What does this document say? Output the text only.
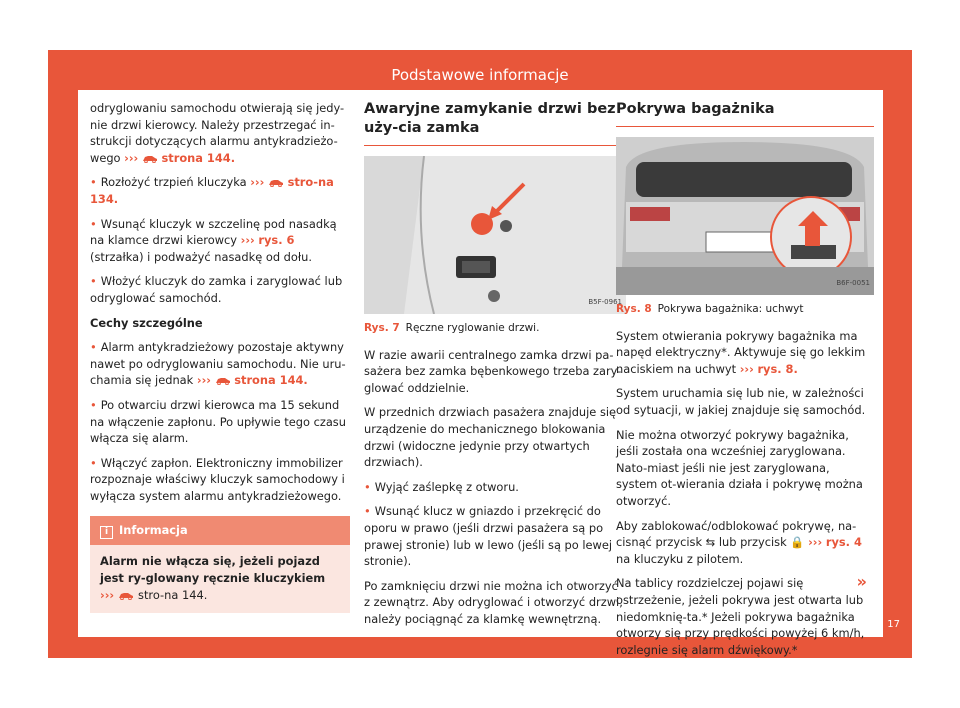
Podstawowe informacje

odryglowaniu samochodu otwierają się jedy-nie drzwi kierowcy. Należy przestrzegać in-strukcji dotyczących alarmu antykradzieżo-wego ››› strona 144.

• Rozłożyć trzpień kluczyka ››› stro-na 134.

• Wsunąć kluczyk w szczelinę pod nasadką na klamce drzwi kierowcy ››› rys. 6 (strzałka) i podważyć nasadkę od dołu.

• Włożyć kluczyk do zamka i zaryglować lub odryglować samochód.

Cechy szczególne

• Alarm antykradzieżowy pozostaje aktywny nawet po odryglowaniu samochodu. Nie uru-chamia się jednak ››› strona 144.

• Po otwarciu drzwi kierowca ma 15 sekund na włączenie zapłonu. Po upływie tego czasu włącza się alarm.

• Włączyć zapłon. Elektroniczny immobilizer rozpoznaje właściwy kluczyk samochodowy i wyłącza system alarmu antykradzieżowego.

i Informacja
Alarm nie włącza się, jeżeli pojazd jest ry-glowany ręcznie kluczykiem ››› stro-na 144.
Awaryjne zamykanie drzwi bez uży-cia zamka
B5F-0961
Rys. 7 Ręczne ryglowanie drzwi.

W razie awarii centralnego zamka drzwi pa-sażera bez zamka bębenkowego trzeba zary-glować oddzielnie.

W przednich drzwiach pasażera znajduje się urządzenie do mechanicznego blokowania drzwi (widoczne jedynie przy otwartych drzwiach).

• Wyjąć zaślepkę z otworu.

• Wsunąć klucz w gniazdo i przekręcić do oporu w prawo (jeśli drzwi pasażera są po prawej stronie) lub w lewo (jeśli są po lewej stronie).

Po zamknięciu drzwi nie można ich otworzyć z zewnątrz. Aby odryglować i otworzyć drzwi, należy pociągnąć za klamkę wewnętrzną.

Pokrywa bagażnika
B6F-0051
Rys. 8 Pokrywa bagażnika: uchwyt

System otwierania pokrywy bagażnika ma napęd elektryczny*. Aktywuje się go lekkim naciskiem na uchwyt ››› rys. 8.

System uruchamia się lub nie, w zależności od sytuacji, w jakiej znajduje się samochód.

Nie można otworzyć pokrywy bagażnika, jeśli została ona wcześniej zaryglowana. Nato-miast jeśli nie jest zaryglowana, system ot-wierania działa i pokrywę można otworzyć.

Aby zablokować/odblokować pokrywę, na-cisnąć przycisk ⇆ lub przycisk 🔒 ››› rys. 4 na kluczyku z pilotem.

Na tablicy rozdzielczej pojawi się ostrzeżenie, jeżeli pokrywa jest otwarta lub niedomknię-ta.* Jeżeli pokrywa bagażnika otworzy się przy prędkości powyżej 6 km/h, rozlegnie się alarm dźwiękowy.*

»
17
